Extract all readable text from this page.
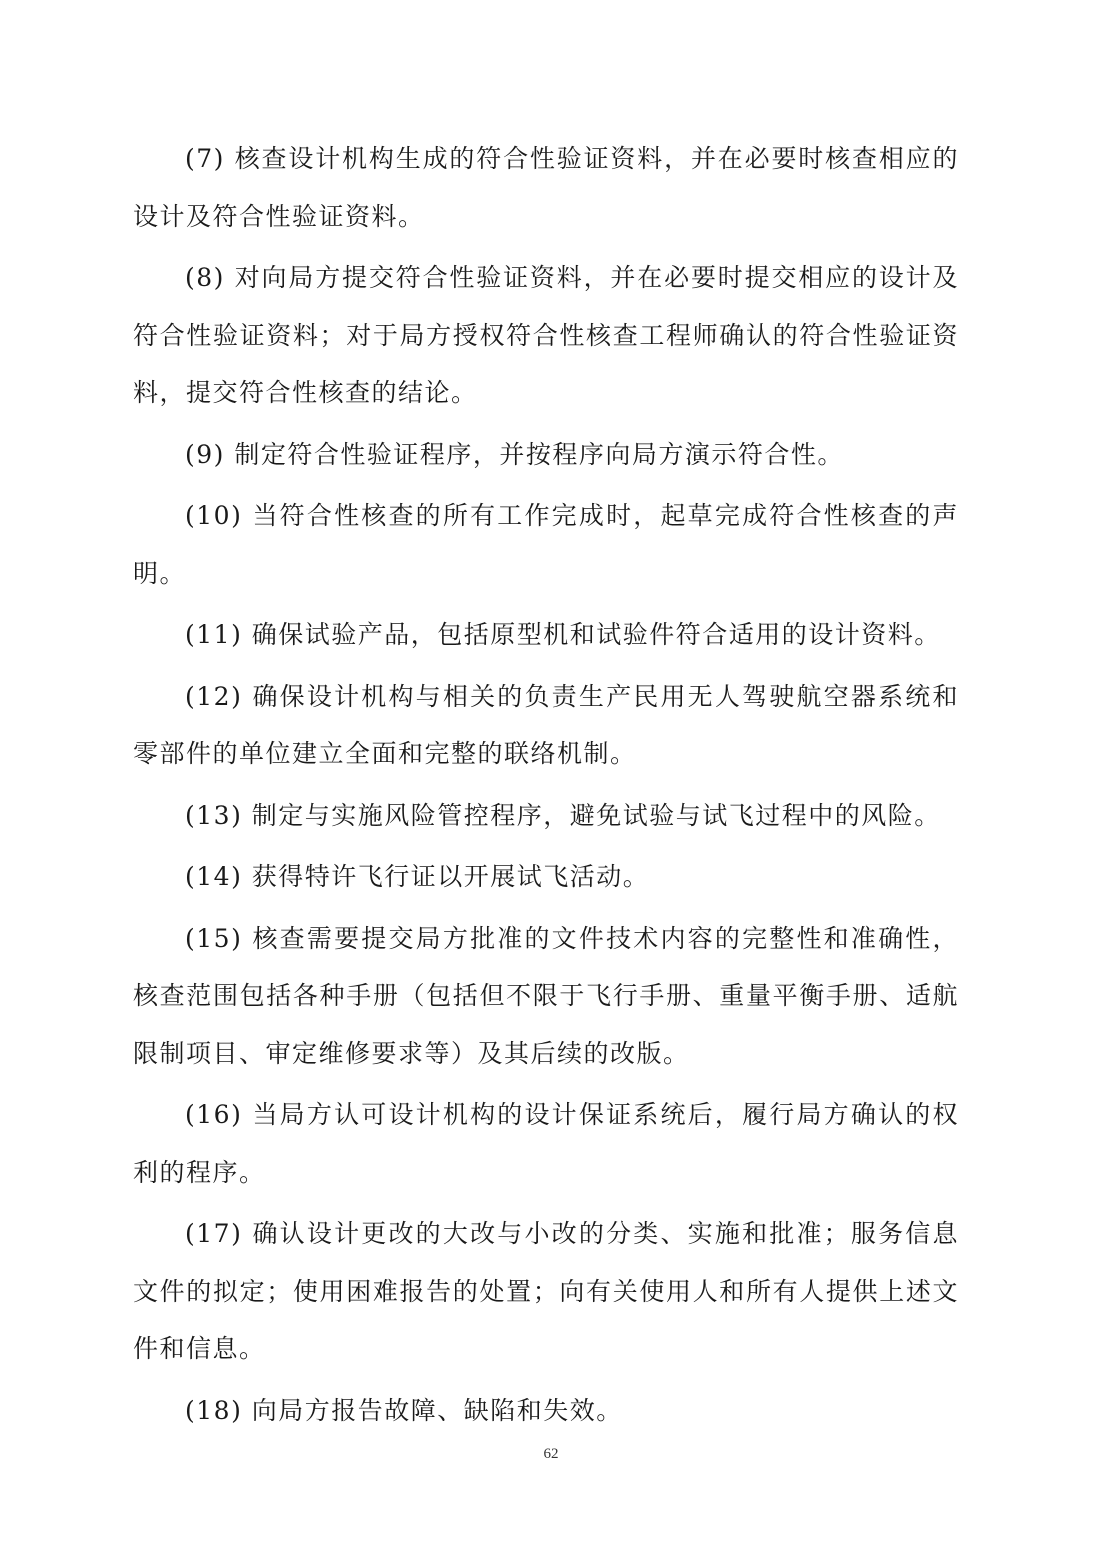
(7) 核查设计机构生成的符合性验证资料，并在必要时核查相应的设计及符合性验证资料。

(8) 对向局方提交符合性验证资料，并在必要时提交相应的设计及符合性验证资料；对于局方授权符合性核查工程师确认的符合性验证资料，提交符合性核查的结论。

(9) 制定符合性验证程序，并按程序向局方演示符合性。

(10) 当符合性核查的所有工作完成时，起草完成符合性核查的声明。

(11) 确保试验产品，包括原型机和试验件符合适用的设计资料。

(12) 确保设计机构与相关的负责生产民用无人驾驶航空器系统和零部件的单位建立全面和完整的联络机制。

(13) 制定与实施风险管控程序，避免试验与试飞过程中的风险。

(14) 获得特许飞行证以开展试飞活动。

(15) 核查需要提交局方批准的文件技术内容的完整性和准确性，核查范围包括各种手册（包括但不限于飞行手册、重量平衡手册、适航限制项目、审定维修要求等）及其后续的改版。

(16) 当局方认可设计机构的设计保证系统后，履行局方确认的权利的程序。

(17) 确认设计更改的大改与小改的分类、实施和批准；服务信息文件的拟定；使用困难报告的处置；向有关使用人和所有人提供上述文件和信息。

(18) 向局方报告故障、缺陷和失效。

62
